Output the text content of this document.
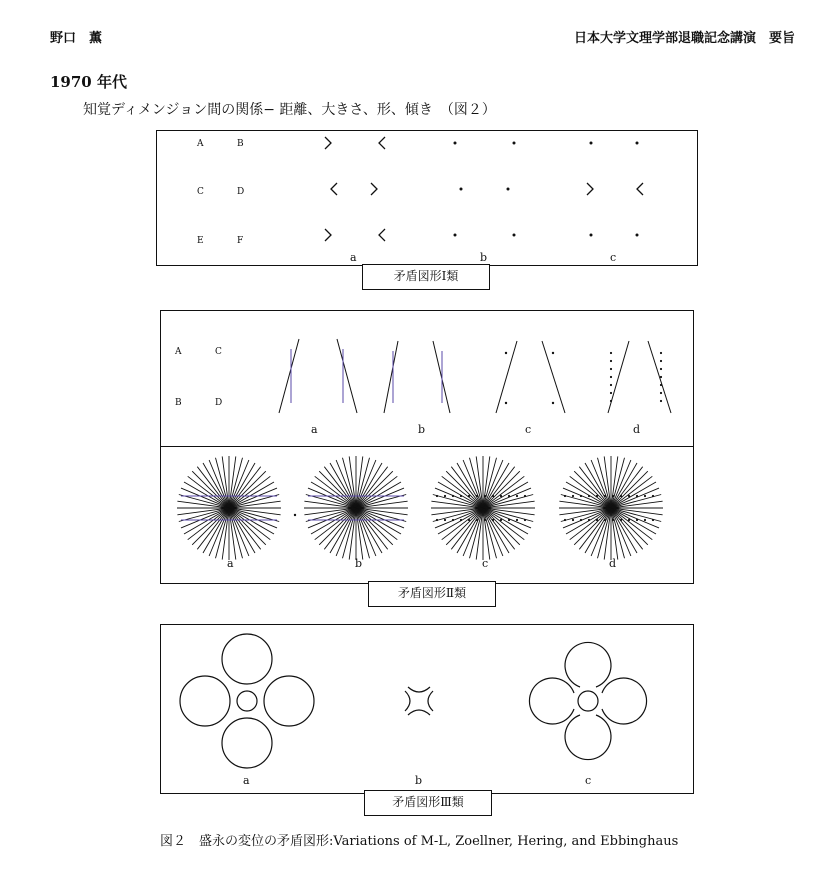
野口　薫	日本大学文理学部退職記念講演　要旨
1970 年代
知覚ディメンジョン間の関係− 距離、大きさ、形、傾き　（図２）
A	B
C	D
E	F
a	b	c
矛盾図形Ⅰ類
A	C
B	D
a	b	c	d
a	b	c	d
矛盾図形Ⅱ類
a	b	c
矛盾図形Ⅲ類
図２　盛永の変位の矛盾図形:Variations of M-L, Zoellner, Hering, and Ebbinghaus
